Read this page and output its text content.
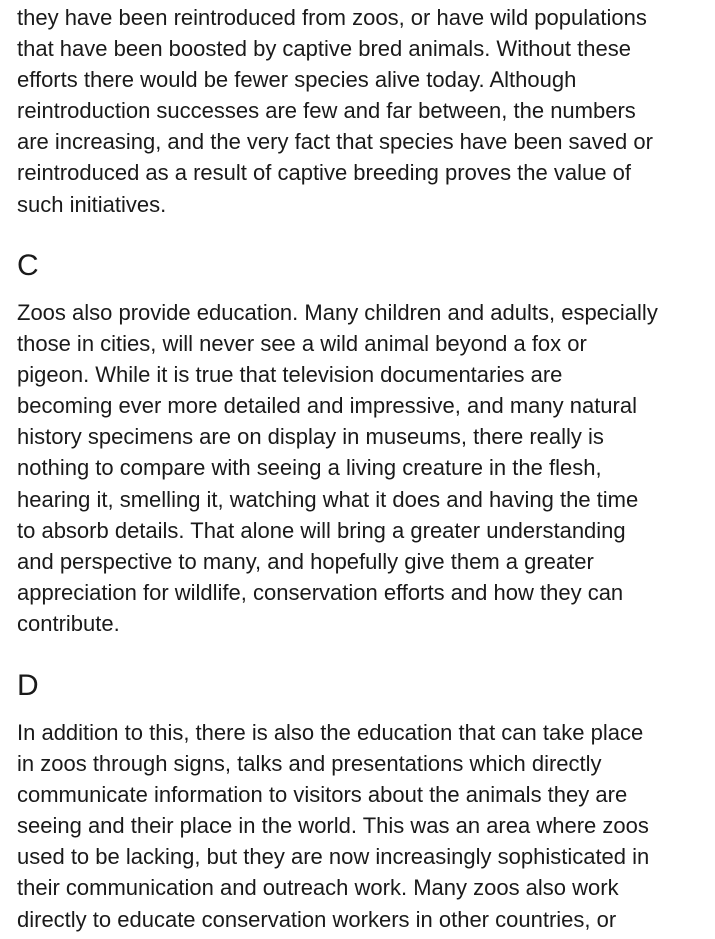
they have been reintroduced from zoos, or have wild populations
that have been boosted by captive bred animals. Without these
efforts there would be fewer species alive today. Although
reintroduction successes are few and far between, the numbers
are increasing, and the very fact that species have been saved or
reintroduced as a result of captive breeding proves the value of
such initiatives.

C

Zoos also provide education. Many children and adults, especially
those in cities, will never see a wild animal beyond a fox or
pigeon. While it is true that television documentaries are
becoming ever more detailed and impressive, and many natural
history specimens are on display in museums, there really is
nothing to compare with seeing a living creature in the flesh,
hearing it, smelling it, watching what it does and having the time
to absorb details. That alone will bring a greater understanding
and perspective to many, and hopefully give them a greater
appreciation for wildlife, conservation efforts and how they can
contribute.

D

In addition to this, there is also the education that can take place
in zoos through signs, talks and presentations which directly
communicate information to visitors about the animals they are
seeing and their place in the world. This was an area where zoos
used to be lacking, but they are now increasingly sophisticated in
their communication and outreach work. Many zoos also work
directly to educate conservation workers in other countries, or
